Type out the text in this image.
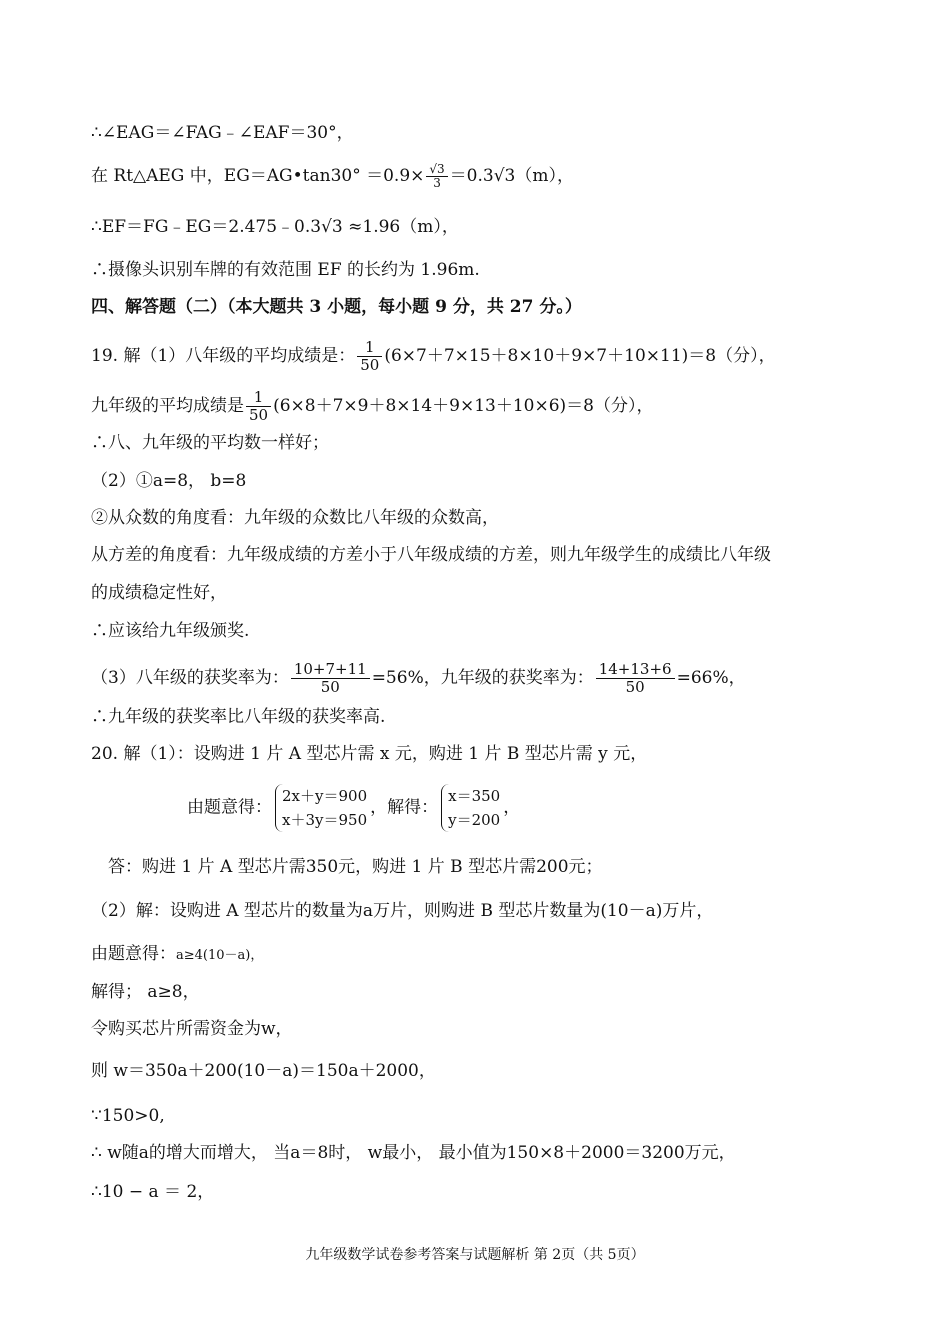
∴∠EAG＝∠FAG﹣∠EAF＝30°，
在 Rt△AEG 中，EG＝AG•tan30° $=0.9\times \frac{√3}{3} =0.3√3(m)$，
∴EF＝FG﹣EG＝2.475﹣0.3√3 ≈1.96（m），
∴摄像头识别车牌的有效范围 EF 的长约为 1.96m.
四、解答题（二）（本大题共 3 小题，每小题 9 分，共 27 分。）
19. 解（1）八年级的平均成绩是： $\frac{1}{50} (6\times 7+7\times 15+8\times 10+9\times 7+10\times 11)=8$（分），
九年级的平均成绩是 $\frac{1}{50} (6\times 8+7\times 9+8\times 14+9\times 13+10\times 6)=8$（分），
∴八、九年级的平均数一样好；
（2）①a=8， b=8
②从众数的角度看：九年级的众数比八年级的众数高，
从方差的角度看：九年级成绩的方差小于八年级成绩的方差，则九年级学生的成绩比八年级
的成绩稳定性好，
∴应该给九年级颁奖.
（3）八年级的获奖率为： $\frac{10+7+11}{50} =56\%$，九年级的获奖率为： $\frac{14+13+6}{50} =66\%$，
∴九年级的获奖率比八年级的获奖率高.
20. 解（1）：设购进 1 片 A 型芯片需 x 元，购进 1 片 B 型芯片需 y 元，
由题意得：
2x＋y＝900
x＋3y＝950
，解得：
x＝350
y＝200
，
答：购进 1 片 A 型芯片需350元，购进 1 片 B 型芯片需200元；
（2）解：设购进 A 型芯片的数量为a万片，则购进 B 型芯片数量为(10－a)万片，
由题意得：a≥4(10－a)，
解得； a≥8，
令购买芯片所需资金为w，
则 w＝350a＋200(10－a)＝150a＋2000，
∵150>0,
∴ w随a的增大而增大， 当a＝8时， w最小， 最小值为150×8＋2000＝3200万元，
∴10 − a ＝ 2，
九年级数学试卷参考答案与试题解析 第 2页（共 5页）
